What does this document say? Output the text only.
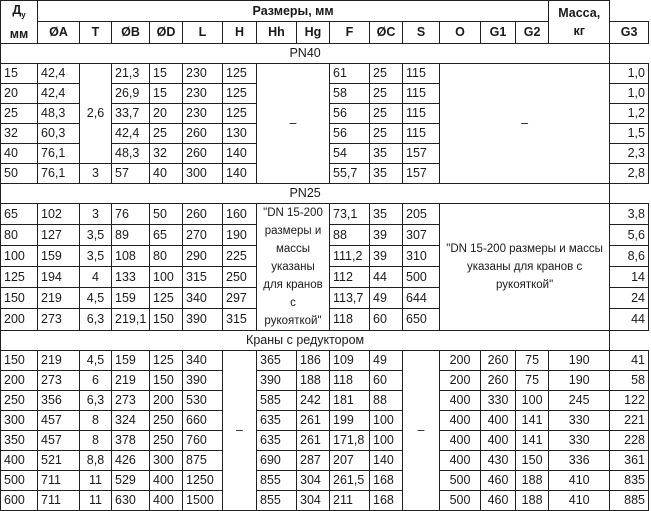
$Д_у$
мм	Размеры, мм														Масса,
кг	
	ØA	T	ØB	ØD	L	H	Hh	Hg	F	ØC	S	O	G1	G2		G3
PN40																
15	42,4	2,6	21,3	15	230	125	–		61	25	115	–				1,0
20	42,4		26,9	15	230	125			58	25	115					1,0
25	48,3		33,7	20	230	125			56	25	115					1,2
32	60,3		42,4	25	260	130			56	25	115					1,5
40	76,1		48,3	32	260	140			54	35	157					2,3
50	76,1	3	57	40	300	140			55,7	35	157					2,8
PN25																
65	102	3	76	50	260	160	"DN 15-200 размеры и массы указаны для кранов с рукояткой"		73,1	35	205	"DN 15-200 размеры и массы указаны для кранов с рукояткой"				3,8
80	127	3,5	89	65	270	190			88	39	307					5,6
100	159	3,5	108	80	290	225			111,2	39	310					8,6
125	194	4	133	100	315	250			112	44	500					14
150	219	4,5	159	125	340	297			113,7	49	644					24
200	273	6,3	219,1	150	390	315			118	60	650					44
Краны с редуктором																
150	219	4,5	159	125	340	–	365	186	109	49	–	200	260	75	190	41
200	273	6	219	150	390		390	188	118	60		200	260	75	190	58
250	356	6,3	273	200	530		585	242	181	88		400	330	100	245	122
300	457	8	324	250	660		635	261	199	100		400	400	141	330	221
350	457	8	378	250	760		635	261	171,8	100		400	400	141	330	228
400	521	8,8	426	300	875		690	287	207	140		400	430	150	336	361
500	711	11	529	400	1250		855	304	261,5	168		500	460	188	410	835
600	711	11	630	400	1500		855	304	211	168		500	460	188	410	885
